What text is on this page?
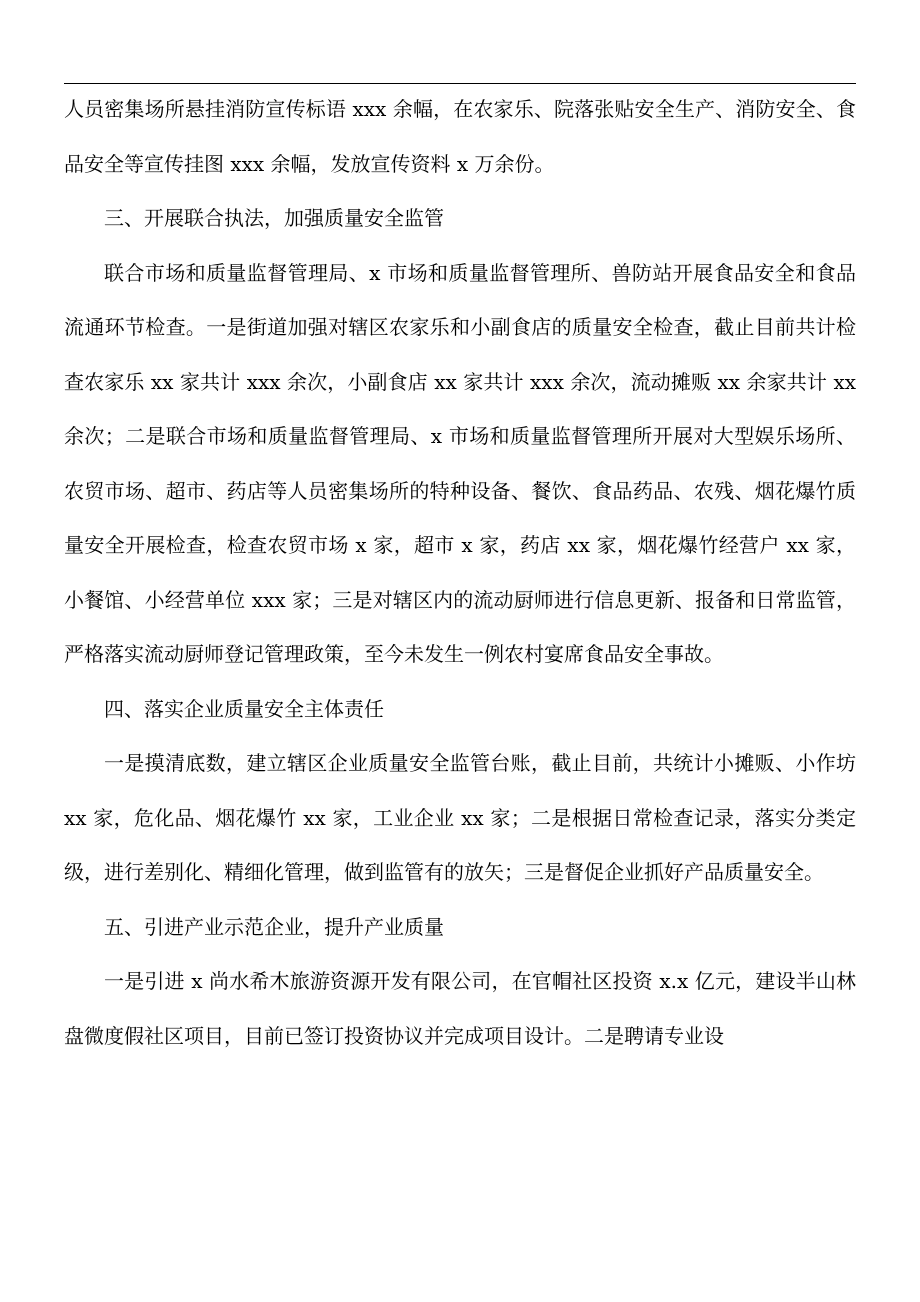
人员密集场所悬挂消防宣传标语 xxx 余幅，在农家乐、院落张贴安全生产、消防安全、食品安全等宣传挂图 xxx 余幅，发放宣传资料 x 万余份。

三、开展联合执法，加强质量安全监管

联合市场和质量监督管理局、x 市场和质量监督管理所、兽防站开展食品安全和食品流通环节检查。一是街道加强对辖区农家乐和小副食店的质量安全检查，截止目前共计检查农家乐 xx 家共计 xxx 余次，小副食店 xx 家共计 xxx 余次，流动摊贩 xx 余家共计 xx 余次；二是联合市场和质量监督管理局、x 市场和质量监督管理所开展对大型娱乐场所、农贸市场、超市、药店等人员密集场所的特种设备、餐饮、食品药品、农残、烟花爆竹质量安全开展检查，检查农贸市场 x 家，超市 x 家，药店 xx 家，烟花爆竹经营户 xx 家，小餐馆、小经营单位 xxx 家；三是对辖区内的流动厨师进行信息更新、报备和日常监管，严格落实流动厨师登记管理政策，至今未发生一例农村宴席食品安全事故。

四、落实企业质量安全主体责任

一是摸清底数，建立辖区企业质量安全监管台账，截止目前，共统计小摊贩、小作坊 xx 家，危化品、烟花爆竹 xx 家，工业企业 xx 家；二是根据日常检查记录，落实分类定级，进行差别化、精细化管理，做到监管有的放矢；三是督促企业抓好产品质量安全。

五、引进产业示范企业，提升产业质量

一是引进 x 尚水希木旅游资源开发有限公司，在官帽社区投资 x.x 亿元，建设半山林盘微度假社区项目，目前已签订投资协议并完成项目设计。二是聘请专业设
